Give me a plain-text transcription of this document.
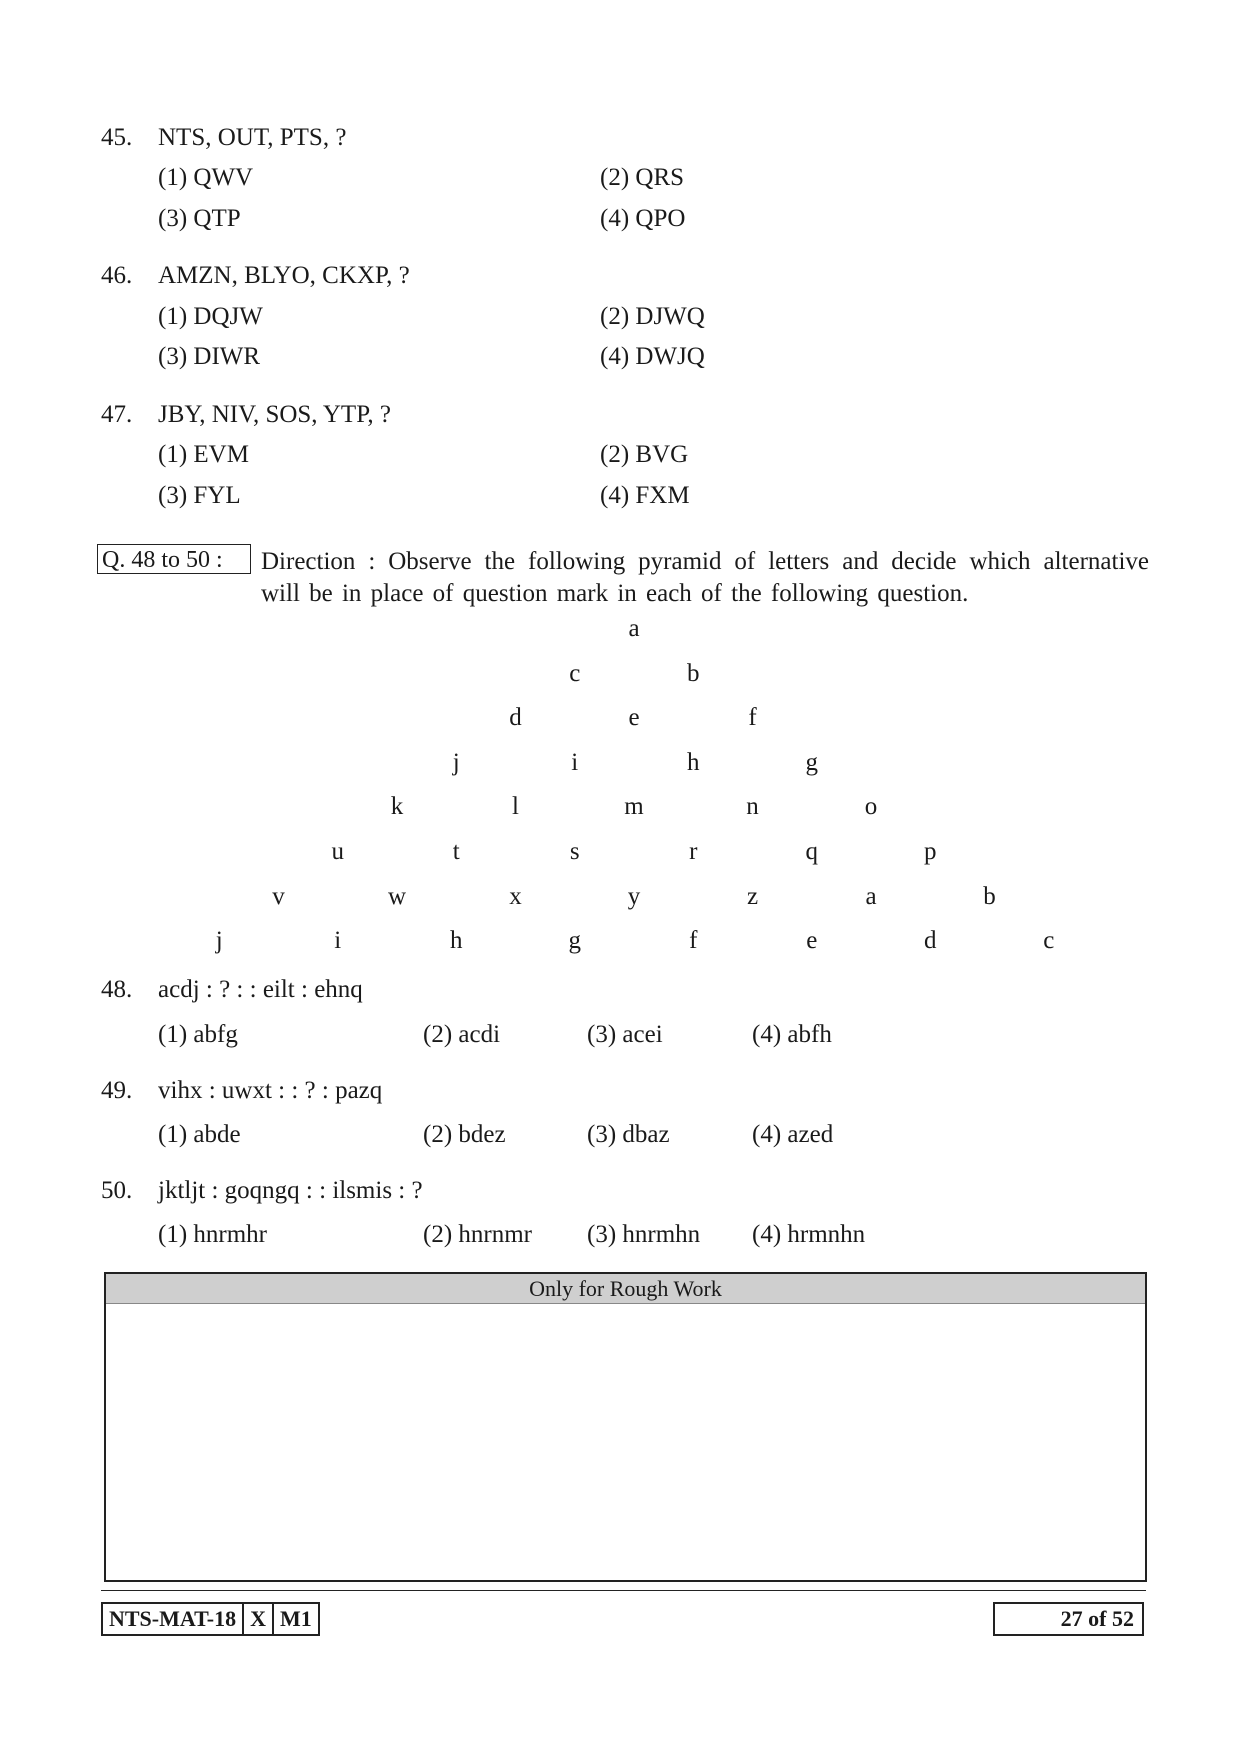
45.	NTS, OUT, PTS, ?
(1) QWV	(2) QRS
(3) QTP	(4) QPO
46.	AMZN, BLYO, CKXP, ?
(1) DQJW	(2) DJWQ
(3) DIWR	(4) DWJQ
47.	JBY, NIV, SOS, YTP, ?
(1) EVM	(2) BVG
(3) FYL	(4) FXM
Q. 48 to 50 : Direction : Observe the following pyramid of letters and decide which alternative
will be in place of question mark in each of the following question.
a
c	b
d	e	f
j	i	h	g
k	l	m	n	o
u	t	s	r	q	p
v	w	x	y	z	a	b
j	i	h	g	f	e	d	c
48.	acdj : ? : : eilt : ehnq
(1) abfg	(2) acdi	(3) acei	(4) abfh
49.	vihx : uwxt : : ? : pazq
(1) abde	(2) bdez	(3) dbaz	(4) azed
50.	jktljt : goqngq : : ilsmis : ?
(1) hnrmhr	(2) hnrnmr (3) hnrmhn (4) hrmnhn
Only for Rough Work
NTS-MAT-18 X M1	27 of 52
